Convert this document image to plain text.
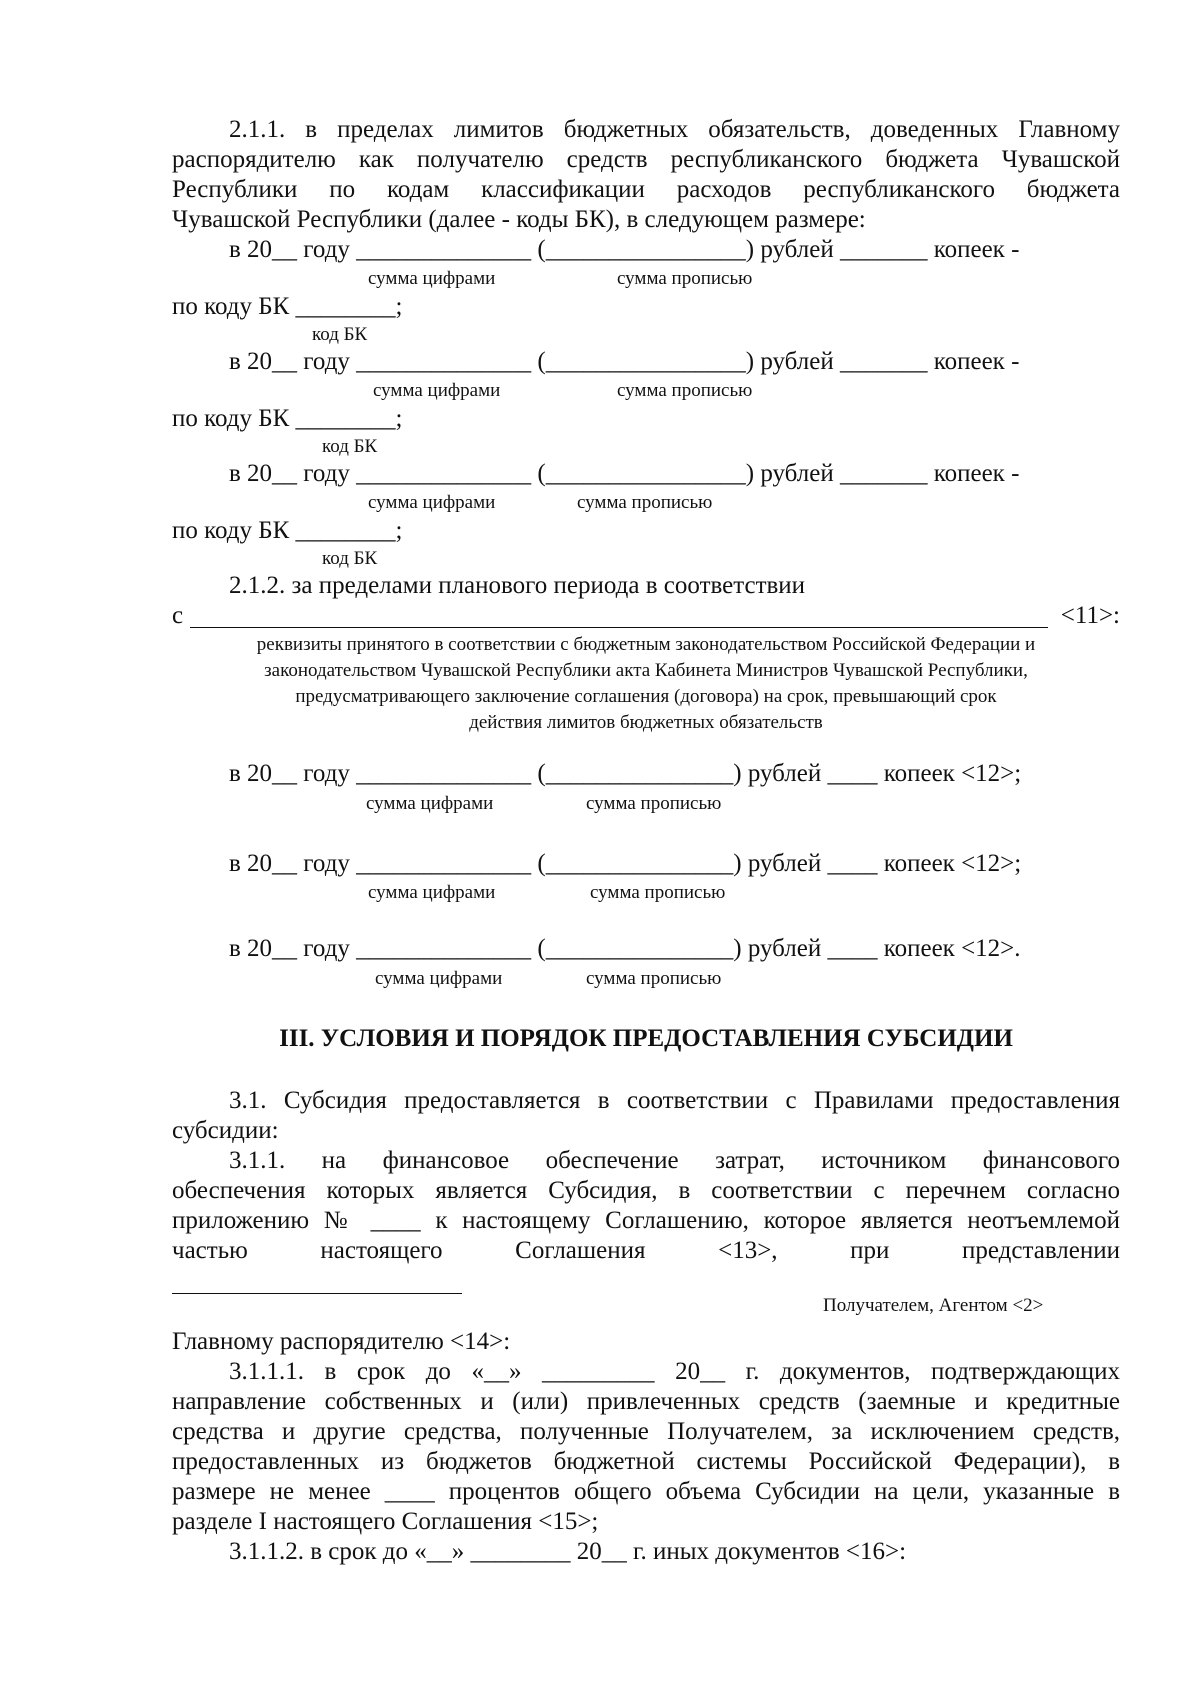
2.1.1. в пределах лимитов бюджетных обязательств, доведенных Главному
распорядителю как получателю средств республиканского бюджета Чувашской
Республики по кодам классификации расходов республиканского бюджета
Чувашской Республики (далее - коды БК), в следующем размере:
в 20__ году ______________ (________________) рублей _______ копеек -
сумма цифрами	сумма прописью
по коду БК ________;
код БК
в 20__ году ______________ (________________) рублей _______ копеек -
сумма цифрами	сумма прописью
по коду БК ________;
код БК
в 20__ году ______________ (________________) рублей _______ копеек -
сумма цифрами	сумма прописью
по коду БК ________;
код БК
2.1.2. за пределами планового периода в соответствии
с	<11>:
реквизиты принятого в соответствии с бюджетным законодательством Российской Федерации и
законодательством Чувашской Республики акта Кабинета Министров Чувашской Республики,
предусматривающего заключение соглашения (договора) на срок, превышающий срок
действия лимитов бюджетных обязательств
в 20__ году ______________ (_______________) рублей ____ копеек <12>;
сумма цифрами	сумма прописью
в 20__ году ______________ (_______________) рублей ____ копеек <12>;
сумма цифрами	сумма прописью
в 20__ году ______________ (_______________) рублей ____ копеек <12>.
сумма цифрами	сумма прописью
III. УСЛОВИЯ И ПОРЯДОК ПРЕДОСТАВЛЕНИЯ СУБСИДИИ
3.1. Субсидия предоставляется в соответствии с Правилами предоставления
субсидии:
3.1.1. на финансовое обеспечение затрат, источником финансового
обеспечения которых является Субсидия, в соответствии с перечнем согласно
приложению № ____ к настоящему Соглашению, которое является неотъемлемой
частью настоящего Соглашения <13>, при представлении
Получателем, Агентом <2>
Главному распорядителю <14>:
3.1.1.1. в срок до «__» _________ 20__ г. документов, подтверждающих
направление собственных и (или) привлеченных средств (заемные и кредитные
средства и другие средства, полученные Получателем, за исключением средств,
предоставленных из бюджетов бюджетной системы Российской Федерации), в
размере не менее ____ процентов общего объема Субсидии на цели, указанные в
разделе I настоящего Соглашения <15>;
3.1.1.2. в срок до «__» ________ 20__ г. иных документов <16>:
